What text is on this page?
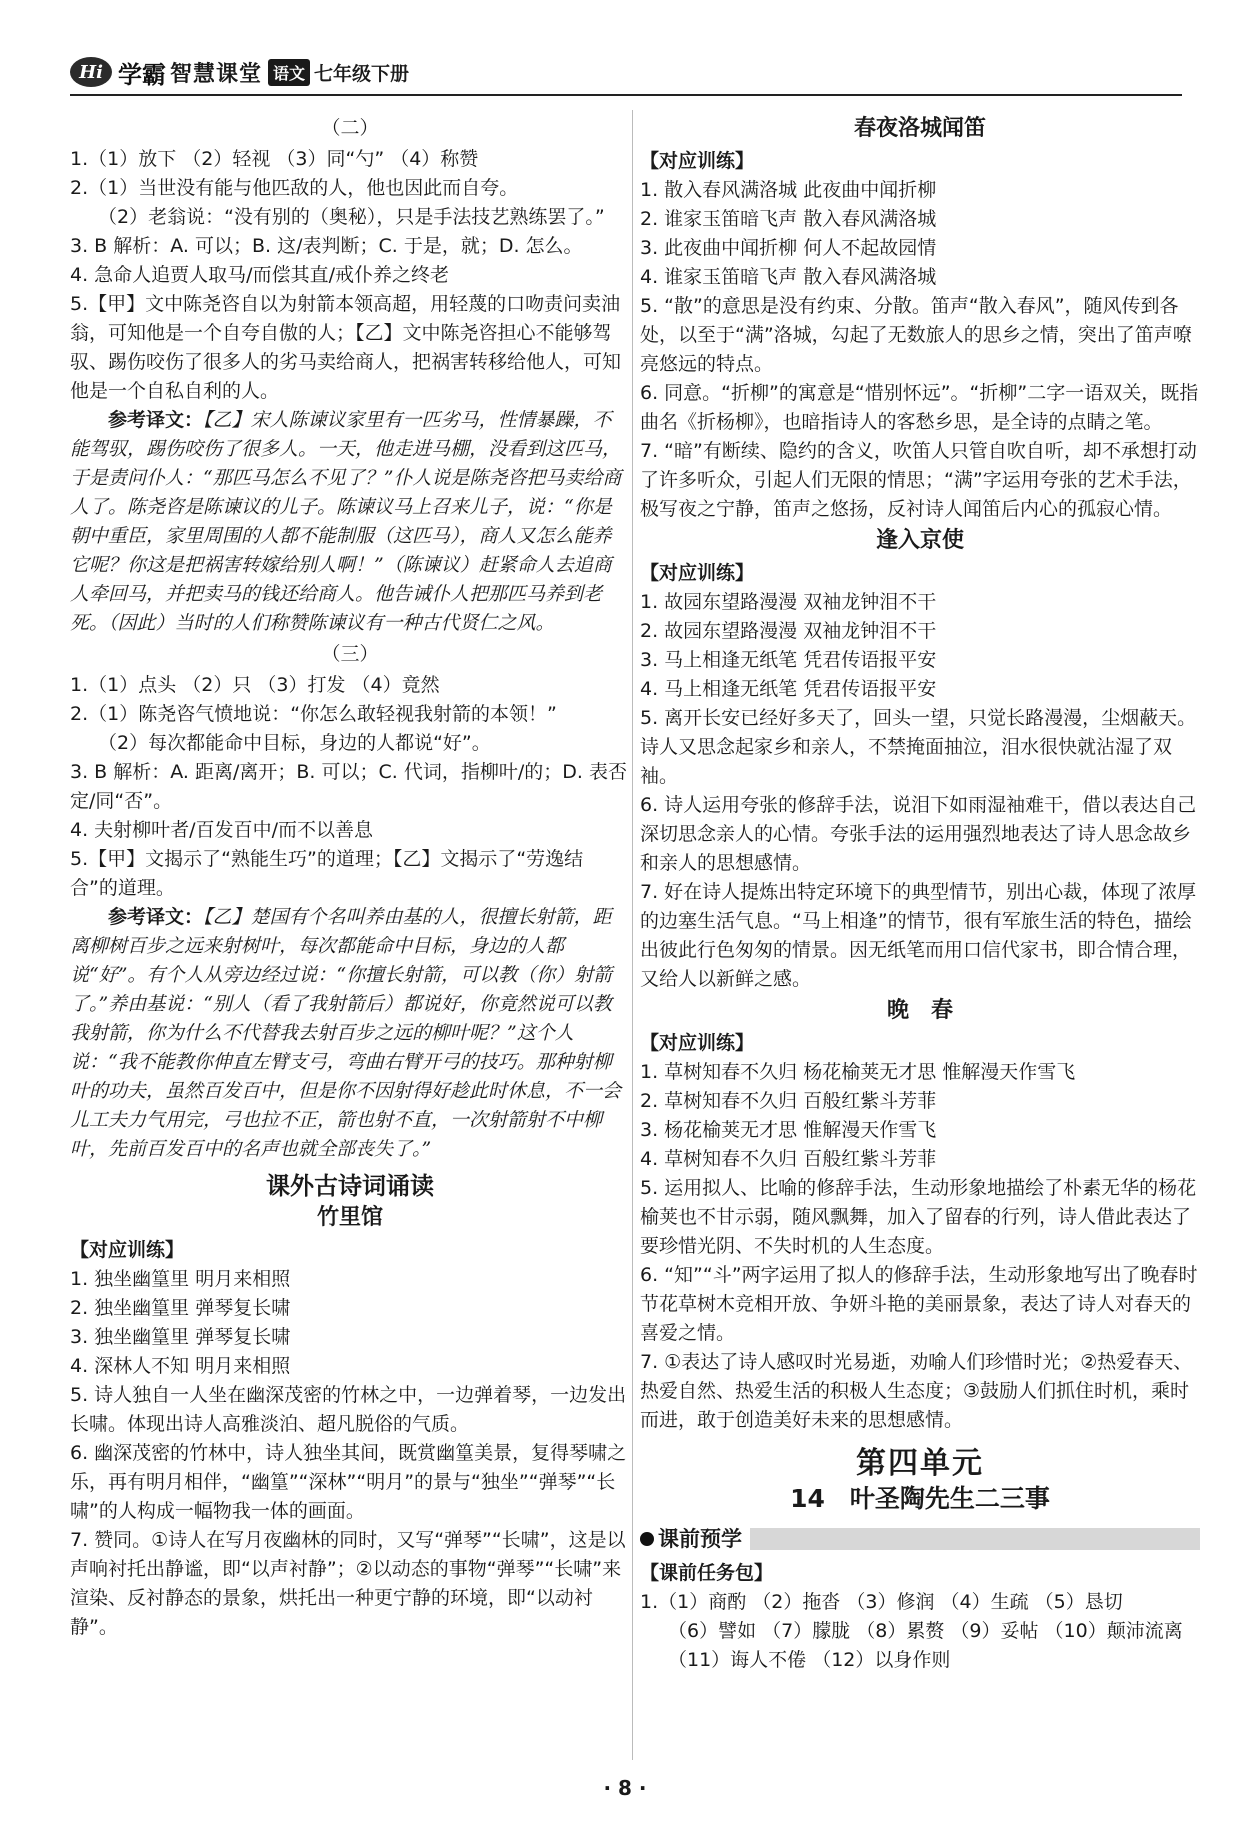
Hi 学霸 智慧课堂 语文 七年级下册
（二）
1.（1）放下 （2）轻视 （3）同“勺” （4）称赞
2.（1）当世没有能与他匹敌的人，他也因此而自夸。
（2）老翁说：“没有别的（奥秘），只是手法技艺熟练罢了。”
3. B 解析：A. 可以；B. 这/表判断；C. 于是，就；D. 怎么。
4. 急命人追贾人取马/而偿其直/戒仆养之终老
5.【甲】文中陈尧咨自以为射箭本领高超，用轻蔑的口吻责问卖油翁，可知他是一个自夸自傲的人；【乙】文中陈尧咨担心不能够驾驭、踢伤咬伤了很多人的劣马卖给商人，把祸害转移给他人，可知他是一个自私自利的人。
参考译文：【乙】宋人陈谏议家里有一匹劣马，性情暴躁，不能驾驭，踢伤咬伤了很多人。一天，他走进马棚，没看到这匹马，于是责问仆人：“那匹马怎么不见了？”仆人说是陈尧咨把马卖给商人了。陈尧咨是陈谏议的儿子。陈谏议马上召来儿子，说：“你是朝中重臣，家里周围的人都不能制服（这匹马），商人又怎么能养它呢？你这是把祸害转嫁给别人啊！”（陈谏议）赶紧命人去追商人牵回马，并把卖马的钱还给商人。他告诫仆人把那匹马养到老死。（因此）当时的人们称赞陈谏议有一种古代贤仁之风。
（三）
1.（1）点头 （2）只 （3）打发 （4）竟然
2.（1）陈尧咨气愤地说：“你怎么敢轻视我射箭的本领！”
（2）每次都能命中目标，身边的人都说“好”。
3. B 解析：A. 距离/离开；B. 可以；C. 代词，指柳叶/的；D. 表否定/同“否”。
4. 夫射柳叶者/百发百中/而不以善息
5.【甲】文揭示了“熟能生巧”的道理；【乙】文揭示了“劳逸结合”的道理。
参考译文：【乙】楚国有个名叫养由基的人，很擅长射箭，距离柳树百步之远来射树叶，每次都能命中目标，身边的人都说“好”。有个人从旁边经过说：“你擅长射箭，可以教（你）射箭了。”养由基说：“别人（看了我射箭后）都说好，你竟然说可以教我射箭，你为什么不代替我去射百步之远的柳叶呢？”这个人说：“我不能教你伸直左臂支弓，弯曲右臂开弓的技巧。那种射柳叶的功夫，虽然百发百中，但是你不因射得好趁此时休息，不一会儿工夫力气用完，弓也拉不正，箭也射不直，一次射箭射不中柳叶，先前百发百中的名声也就全部丧失了。”
课外古诗词诵读
竹里馆
【对应训练】
1. 独坐幽篁里 明月来相照
2. 独坐幽篁里 弹琴复长啸
3. 独坐幽篁里 弹琴复长啸
4. 深林人不知 明月来相照
5. 诗人独自一人坐在幽深茂密的竹林之中，一边弹着琴，一边发出长啸。体现出诗人高雅淡泊、超凡脱俗的气质。
6. 幽深茂密的竹林中，诗人独坐其间，既赏幽篁美景，复得琴啸之乐，再有明月相伴，“幽篁”“深林”“明月”的景与“独坐”“弹琴”“长啸”的人构成一幅物我一体的画面。
7. 赞同。①诗人在写月夜幽林的同时，又写“弹琴”“长啸”，这是以声响衬托出静谧，即“以声衬静”；②以动态的事物“弹琴”“长啸”来渲染、反衬静态的景象，烘托出一种更宁静的环境，即“以动衬静”。
春夜洛城闻笛
【对应训练】
1. 散入春风满洛城 此夜曲中闻折柳
2. 谁家玉笛暗飞声 散入春风满洛城
3. 此夜曲中闻折柳 何人不起故园情
4. 谁家玉笛暗飞声 散入春风满洛城
5. “散”的意思是没有约束、分散。笛声“散入春风”，随风传到各处，以至于“满”洛城，勾起了无数旅人的思乡之情，突出了笛声嘹亮悠远的特点。
6. 同意。“折柳”的寓意是“惜别怀远”。“折柳”二字一语双关，既指曲名《折杨柳》，也暗指诗人的客愁乡思，是全诗的点睛之笔。
7. “暗”有断续、隐约的含义，吹笛人只管自吹自听，却不承想打动了许多听众，引起人们无限的情思；“满”字运用夸张的艺术手法，极写夜之宁静，笛声之悠扬，反衬诗人闻笛后内心的孤寂心情。
逢入京使
【对应训练】
1. 故园东望路漫漫 双袖龙钟泪不干
2. 故园东望路漫漫 双袖龙钟泪不干
3. 马上相逢无纸笔 凭君传语报平安
4. 马上相逢无纸笔 凭君传语报平安
5. 离开长安已经好多天了，回头一望，只觉长路漫漫，尘烟蔽天。诗人又思念起家乡和亲人，不禁掩面抽泣，泪水很快就沾湿了双袖。
6. 诗人运用夸张的修辞手法，说泪下如雨湿袖难干，借以表达自己深切思念亲人的心情。夸张手法的运用强烈地表达了诗人思念故乡和亲人的思想感情。
7. 好在诗人提炼出特定环境下的典型情节，别出心裁，体现了浓厚的边塞生活气息。“马上相逢”的情节，很有军旅生活的特色，描绘出彼此行色匆匆的情景。因无纸笔而用口信代家书，即合情合理，又给人以新鲜之感。
晚　春
【对应训练】
1. 草树知春不久归 杨花榆荚无才思 惟解漫天作雪飞
2. 草树知春不久归 百般红紫斗芳菲
3. 杨花榆荚无才思 惟解漫天作雪飞
4. 草树知春不久归 百般红紫斗芳菲
5. 运用拟人、比喻的修辞手法，生动形象地描绘了朴素无华的杨花榆荚也不甘示弱，随风飘舞，加入了留春的行列，诗人借此表达了要珍惜光阴、不失时机的人生态度。
6. “知”“斗”两字运用了拟人的修辞手法，生动形象地写出了晚春时节花草树木竞相开放、争妍斗艳的美丽景象，表达了诗人对春天的喜爱之情。
7. ①表达了诗人感叹时光易逝，劝喻人们珍惜时光；②热爱春天、热爱自然、热爱生活的积极人生态度；③鼓励人们抓住时机，乘时而进，敢于创造美好未来的思想感情。
第四单元
14　叶圣陶先生二三事
课前预学
【课前任务包】
1.（1）商酌 （2）拖沓 （3）修润 （4）生疏 （5）恳切
（6）譬如 （7）朦胧 （8）累赘 （9）妥帖 （10）颠沛流离
（11）诲人不倦 （12）以身作则
· 8 ·
